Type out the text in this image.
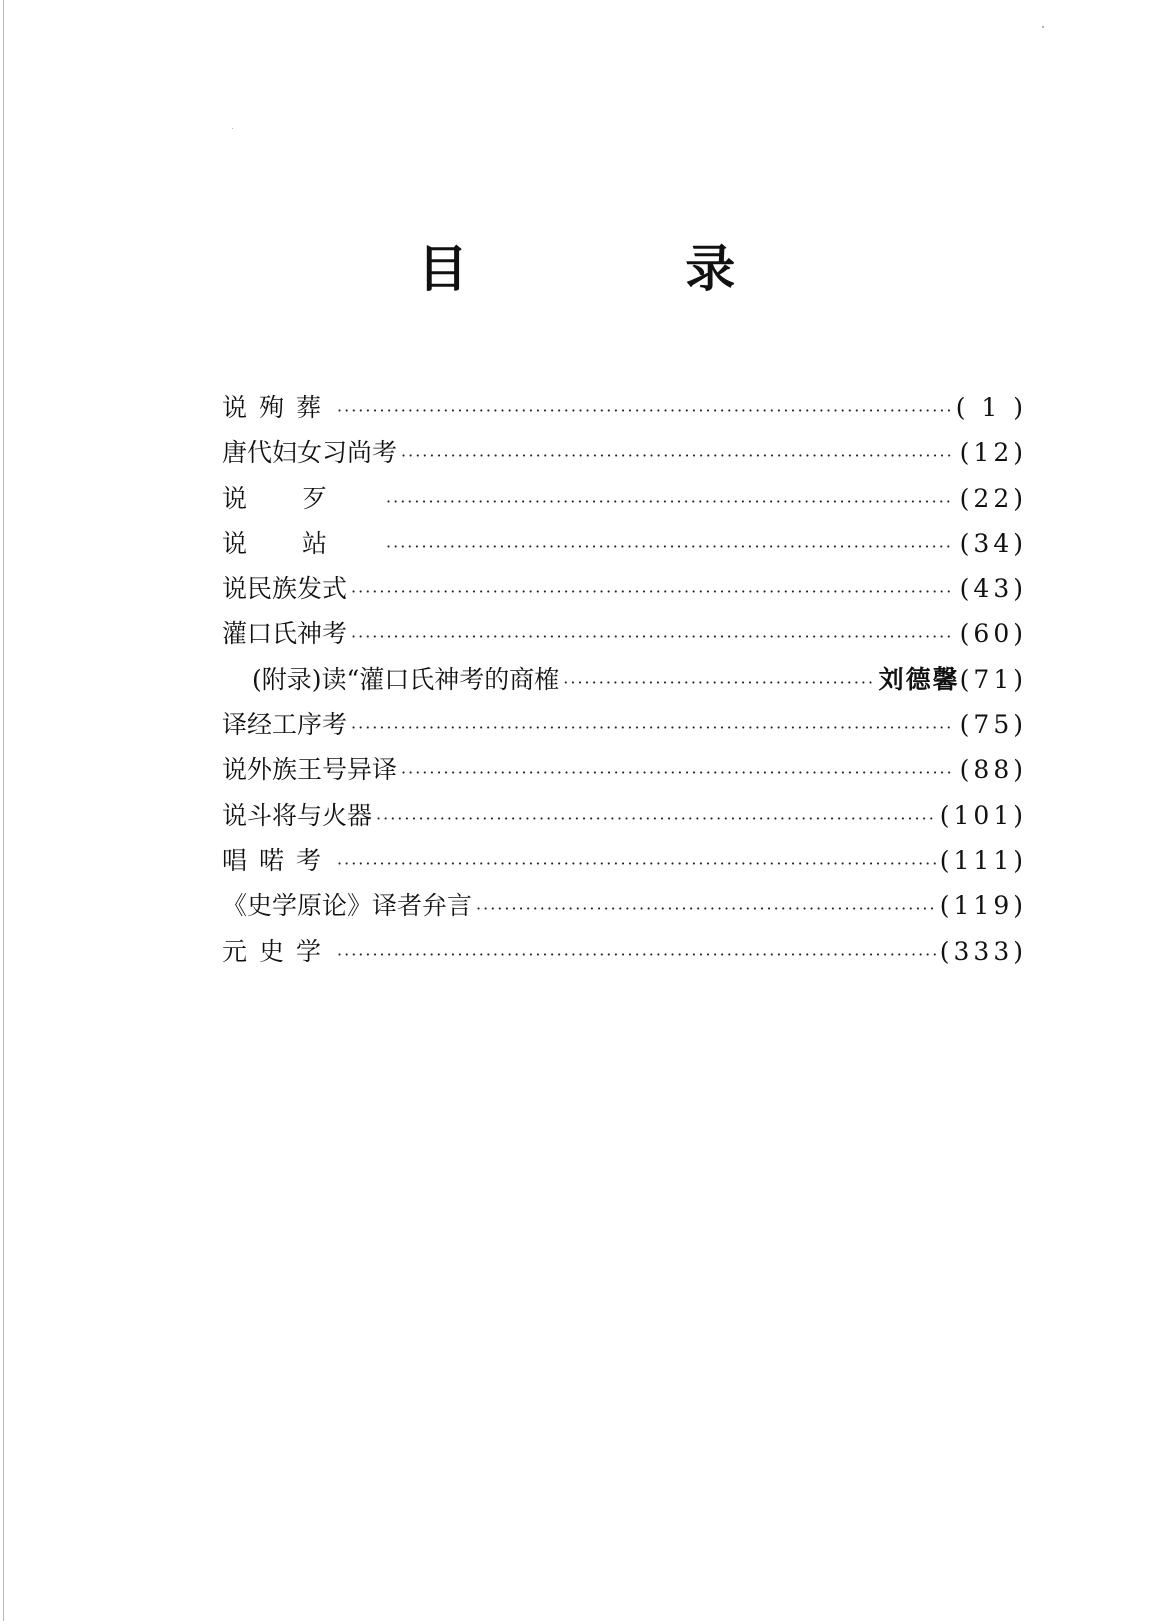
目 录
说殉葬 ·····	( 1 )
唐代妇女习尚考 ·····	(12)
说歹 ·····	(22)
说站 ·····	(34)
说民族发式 ·····	(43)
灌口氏神考 ·····	(60)
(附录)读“灌口氏神考的商榷 ·····	刘德馨 (71)
译经工序考 ·····	(75)
说外族王号异译 ·····	(88)
说斗将与火器 ·····	(101)
唱喏考 ·····	(111)
《史学原论》译者弁言 ·····	(119)
元史学 ·····	(333)
